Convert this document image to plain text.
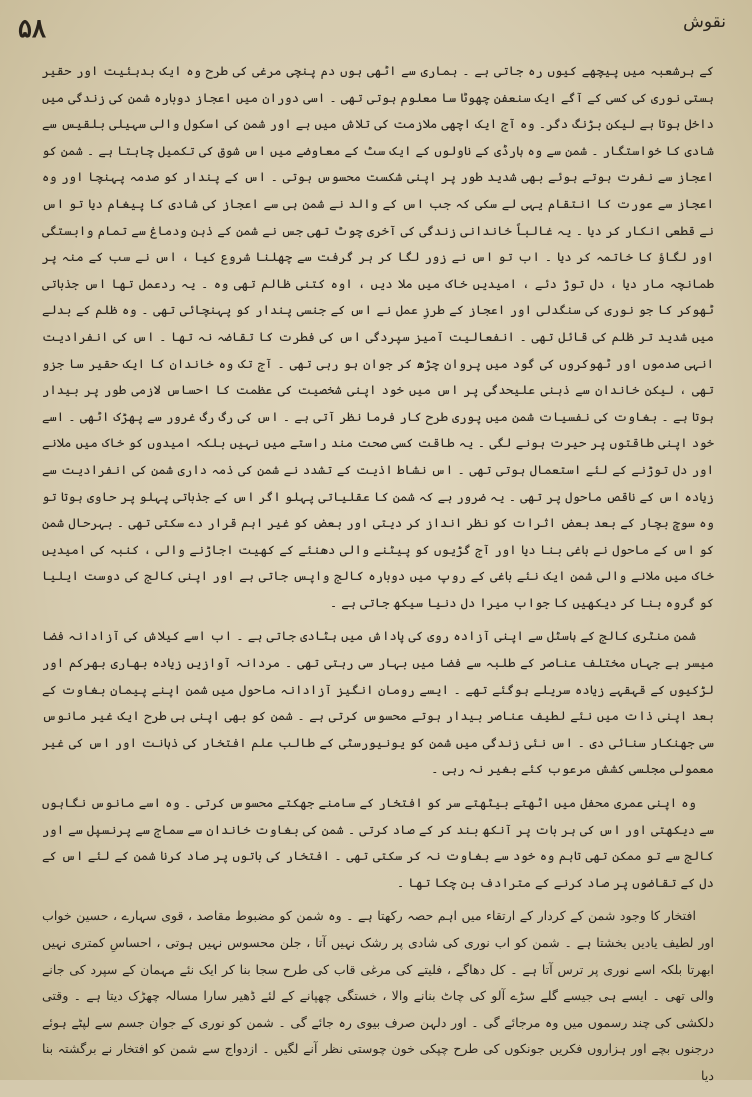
۵۸	نقوش

کے ہرشعبہ میں پیچھے کیوں رہ جاتی ہے ۔ ہماری سے اٹھی ہوں دم پنچی مرغی کی طرح وہ ایک بدہئیت اور حقیر ہستی نوری کی کسی کے آگے ایک سنعفن چھوٹا سا معلوم ہوتی تھی ۔ اسی دوران میں اعجاز دوبارہ شمن کی زندگی میں داخل ہوتا ہے لیکن بڑنگ دگر۔ وہ آج ایک اچھی ملازمت کی تلاش میں ہے اور شمن کی اسکول والی سہیلی بلقیس سے شادی کا خواستگار ۔ شمن سے وہ ہارڈی کے ناولوں کے ایک سٹ کے معاوضے میں اس شوق کی تکمیل چاہتا ہے ۔ شمن کو اعجاز سے نفرت ہوتے ہوئے بھی شدید طور پر اپنی شکست محسوس ہوتی ۔ اس کے پندار کو صدمہ پہنچا اور وہ اعجاز سے عورت کا انتقام یہی لے سکی کہ جب اس کے والد نے شمن ہی سے اعجاز کی شادی کا پیغام دیا تو اس نے قطعی انکار کر دیا ۔ یہ غالباً خاندانی زندگی کی آخری چوٹ تھی جس نے شمن کے ذہن ودماغ سے تمام وابستگی اور لگاؤ کا خاتمہ کر دیا ۔ اب تو اس نے زور لگا کر ہر گرفت سے چھلنا شروع کیا ، اس نے سب کے منہ پر طمانچہ مار دیا ، دل توڑ دئے ، امیدیں خاک میں ملا دیں ، اوہ کتنی ظالم تھی وہ ۔ یہ ردعمل تھا اس جذباتی ٹھوکر کا جو نوری کی سنگدلی اور اعجاز کے طرزِ عمل نے اس کے جنسی پندار کو پہنچائی تھی ۔ وہ ظلم کے بدلے میں شدید تر ظلم کی قائل تھی ۔ انفعالیت آمیز سپردگی اس کی فطرت کا تقاضہ نہ تھا ۔ اس کی انفرادیت انہی صدموں اور ٹھوکروں کی گود میں پروان چڑھ کر جوان ہو رہی تھی ۔ آج تک وہ خاندان کا ایک حقیر سا جزو تھی ، لیکن خاندان سے ذہنی علیحدگی پر اس میں خود اپنی شخصیت کی عظمت کا احساس لازمی طور پر بیدار ہوتا ہے ۔ بغاوت کی نفسیات شمن میں پوری طرح کار فرما نظر آتی ہے ۔ اس کی رگ رگ غرور سے پھڑک اٹھی ۔ اسے خود اپنی طاقتوں پر حیرت ہونے لگی ۔ یہ طاقت کسی صحت مند راستے میں نہیں بلکہ امیدوں کو خاک میں ملانے اور دل توڑنے کے لئے استعمال ہوتی تھی ۔ اس نشاط اذیت کے تشدد نے شمن کی ذمہ داری شمن کی انفرادیت سے زیادہ اس کے ناقص ماحول پر تھی ۔ یہ ضرور ہے کہ شمن کا عقلیاتی پہلو اگر اس کے جذباتی پہلو پر حاوی ہوتا تو وہ سوچ بچار کے بعد بعض اثرات کو نظر انداز کر دیتی اور بعض کو غیر اہم قرار دے سکتی تھی ۔ بہرحال شمن کو اس کے ماحول نے باغی بنا دیا اور آج گڑیوں کو پیٹنے والی دھنئے کے کھیت اجاڑنے والی ، کنبہ کی امیدیں خاک میں ملانے والی شمن ایک نئے باغی کے روپ میں دوبارہ کالج واپس جاتی ہے اور اپنی کالج کی دوست ایلیا کو گروہ بنا کر دیکھیں کا جواب میرا دل دنیا سیکھ جاتی ہے ۔

شمن منٹری کالج کے ہاسٹل سے اپنی آزادہ روی کی پاداش میں ہٹادی جاتی ہے ۔ اب اسے کیلاش کی آزادانہ فضا میسر ہے جہاں مختلف عناصر کے طلبہ سے فضا میں بہار سی رہتی تھی ۔ مردانہ آوازیں زیادہ بھاری بھرکم اور لڑکیوں کے قہقہے زیادہ سریلے ہوگئے تھے ۔ ایسے رومان انگیز آزادانہ ماحول میں شمن اپنے پیمانِ بغاوت کے بعد اپنی ذات میں نئے لطیف عناصر بیدار ہوتے محسوس کرتی ہے ۔ شمن کو بھی اپنی ہی طرح ایک غیر مانوس سی جھنکار سنائی دی ۔ اس نئی زندگی میں شمن کو یونیورسٹی کے طالب علم افتخار کی ذہانت اور اس کی غیر معمولی مجلسی کشش مرعوب کئے بغیر نہ رہی ۔

وہ اپنی عمری محفل میں اٹھتے بیٹھتے سر کو افتخار کے سامنے جھکتے محسوس کرتی ۔ وہ اسے مانوس نگاہوں سے دیکھتی اور اس کی ہر بات پر آنکھ بند کر کے صاد کرتی ۔ شمن کی بغاوت خاندان سے سماج سے پرنسپل سے اور کالج سے تو ممکن تھی تاہم وہ خود سے بغاوت نہ کر سکتی تھی ۔ افتخار کی باتوں پر صاد کرنا شمن کے لئے اس کے دل کے تقاضوں پر صاد کرنے کے مترادف بن چکا تھا ۔

افتخار کا وجود شمن کے کردار کے ارتقاء میں اہم حصہ رکھتا ہے ۔ وہ شمن کو مضبوط مقاصد ، قوی سہارے ، حسین خواب اور لطیف یادیں بخشتا ہے ۔ شمن کو اب نوری کی شادی پر رشک نہیں آتا ، جلن محسوس نہیں ہوتی ، احساسِ کمتری نہیں ابھرتا بلکہ اسے نوری پر ترس آتا ہے ۔ کل دھاگے ، فلیتے کی مرغی قاب کی طرح سجا بنا کر ایک نئے مہمان کے سپرد کی جانے والی تھی ۔ ایسے ہی جیسے گلے سڑے آلو کی چاٹ بنانے والا ، خستگی چھپانے کے لئے ڈھیر سارا مسالہ چھڑک دیتا ہے ۔ وقتی دلکشی کی چند رسموں میں وہ مرجائے گی ۔ اور دلہن صرف بیوی رہ جائے گی ۔ شمن کو نوری کے جوان جسم سے لپٹے ہوئے درجنوں بچے اور ہزاروں فکریں جونکوں کی طرح چپکی خون چوستی نظر آنے لگیں ۔ ازدواج سے شمن کو افتخار نے برگشتہ بنا دیا
